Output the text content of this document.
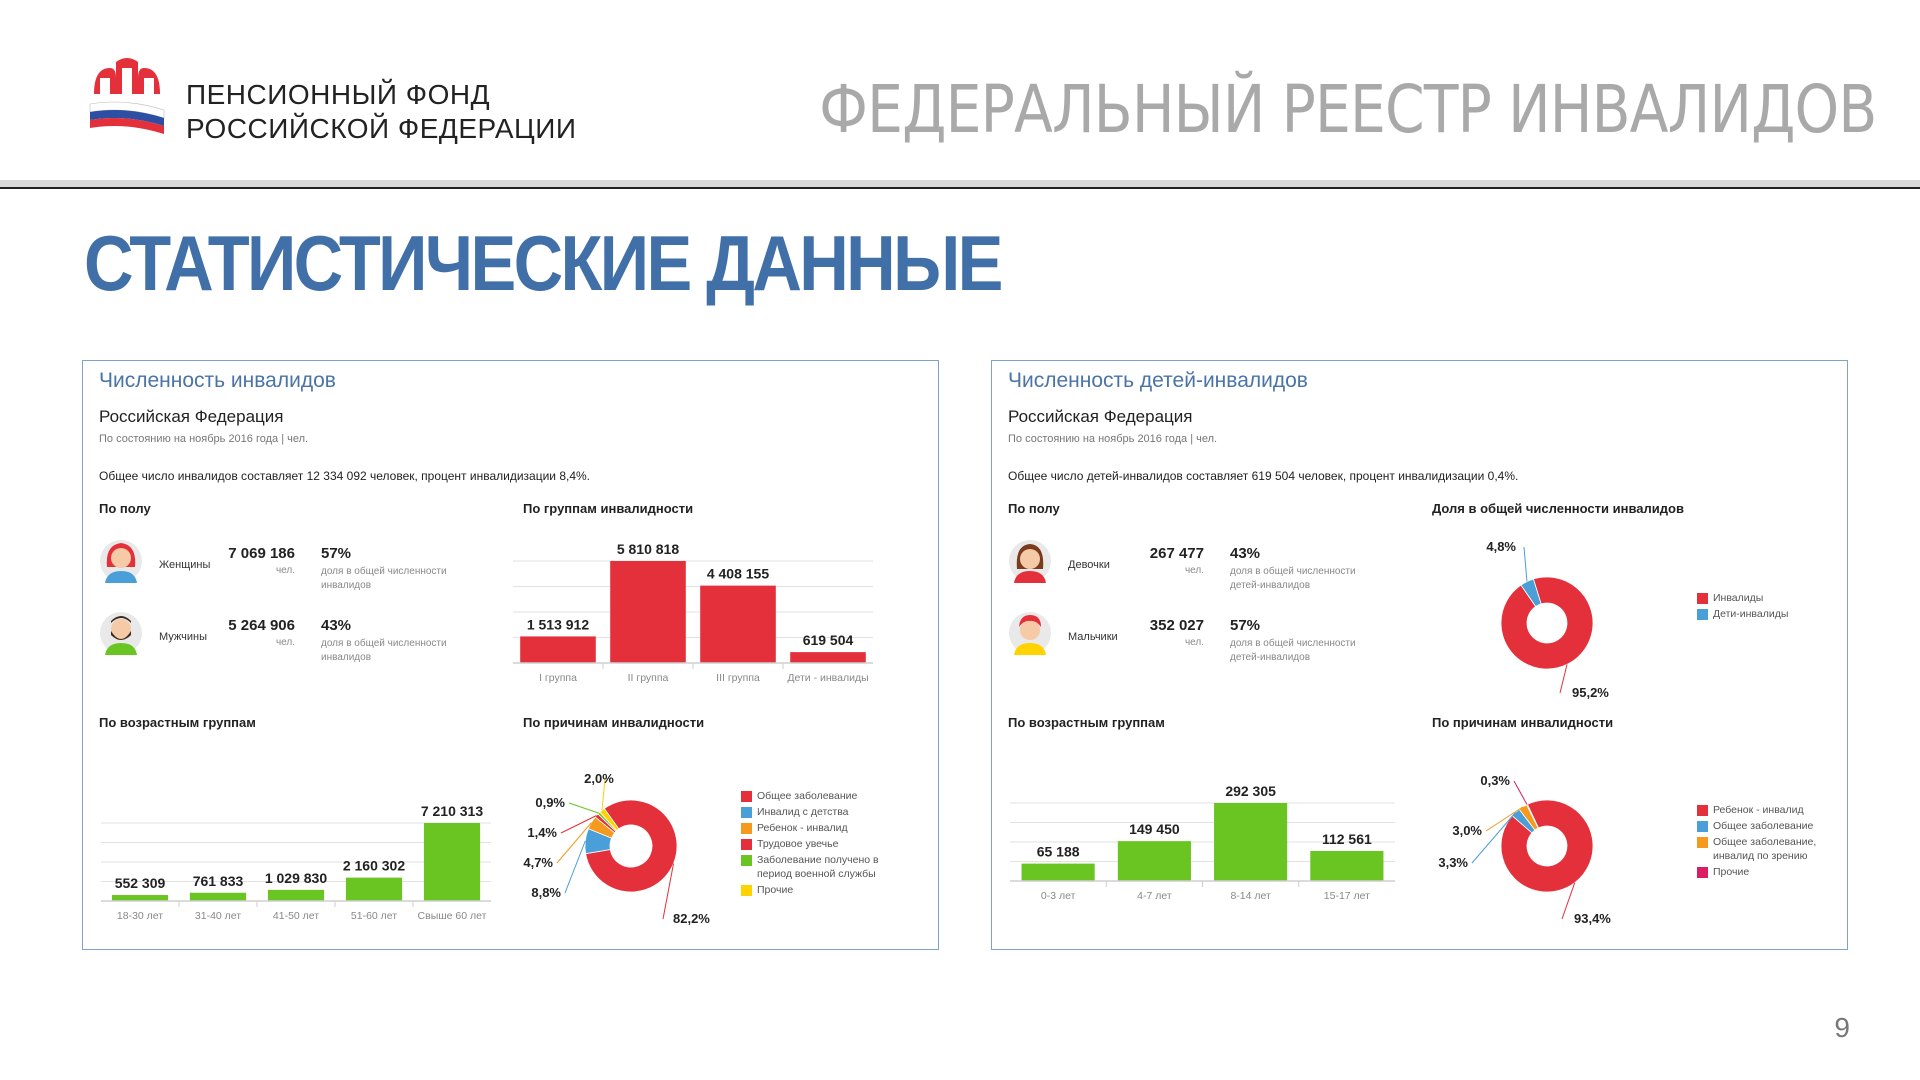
ПЕНСИОННЫЙ ФОНД
РОССИЙСКОЙ ФЕДЕРАЦИИ	ФЕДЕРАЛЬНЫЙ РЕЕСТР ИНВАЛИДОВ
СТАТИСТИЧЕСКИЕ ДАННЫЕ
Численность инвалидов
Российская Федерация
По состоянию на ноябрь 2016 года | чел.
Общее число инвалидов составляет 12 334 092 человек, процент инвалидизации 8,4%.
По полу
Женщины
7 069 186
чел.
57%
доля в общей численности инвалидов
Мужчины
5 264 906
чел.
43%
доля в общей численности инвалидов
По группам инвалидности
1 513 912
I группа
5 810 818
II группа
4 408 155
III группа
619 504
Дети - инвалиды
По возрастным группам
552 309
18-30 лет
761 833
31-40 лет
1 029 830
41-50 лет
2 160 302
51-60 лет
7 210 313
Свыше 60 лет
По причинам инвалидности
82,2%
8,8%
4,7%
1,4%
0,9%
2,0%
Общее заболевание
Инвалид с детства
Ребенок - инвалид
Трудовое увечье
Заболевание получено в период военной службы
Прочие
Численность детей-инвалидов
Российская Федерация
По состоянию на ноябрь 2016 года | чел.
Общее число детей-инвалидов составляет 619 504 человек, процент инвалидизации 0,4%.
По полу
Девочки
267 477
чел.
43%
доля в общей численности детей-инвалидов
Мальчики
352 027
чел.
57%
доля в общей численности детей-инвалидов
Доля в общей численности инвалидов
95,2%
4,8%
Инвалиды
Дети-инвалиды
По возрастным группам
65 188
0-3 лет
149 450
4-7 лет
292 305
8-14 лет
112 561
15-17 лет
По причинам инвалидности
93,4%
3,3%
3,0%
0,3%
Ребенок - инвалид
Общее заболевание
Общее заболевание, инвалид по зрению
Прочие
9
